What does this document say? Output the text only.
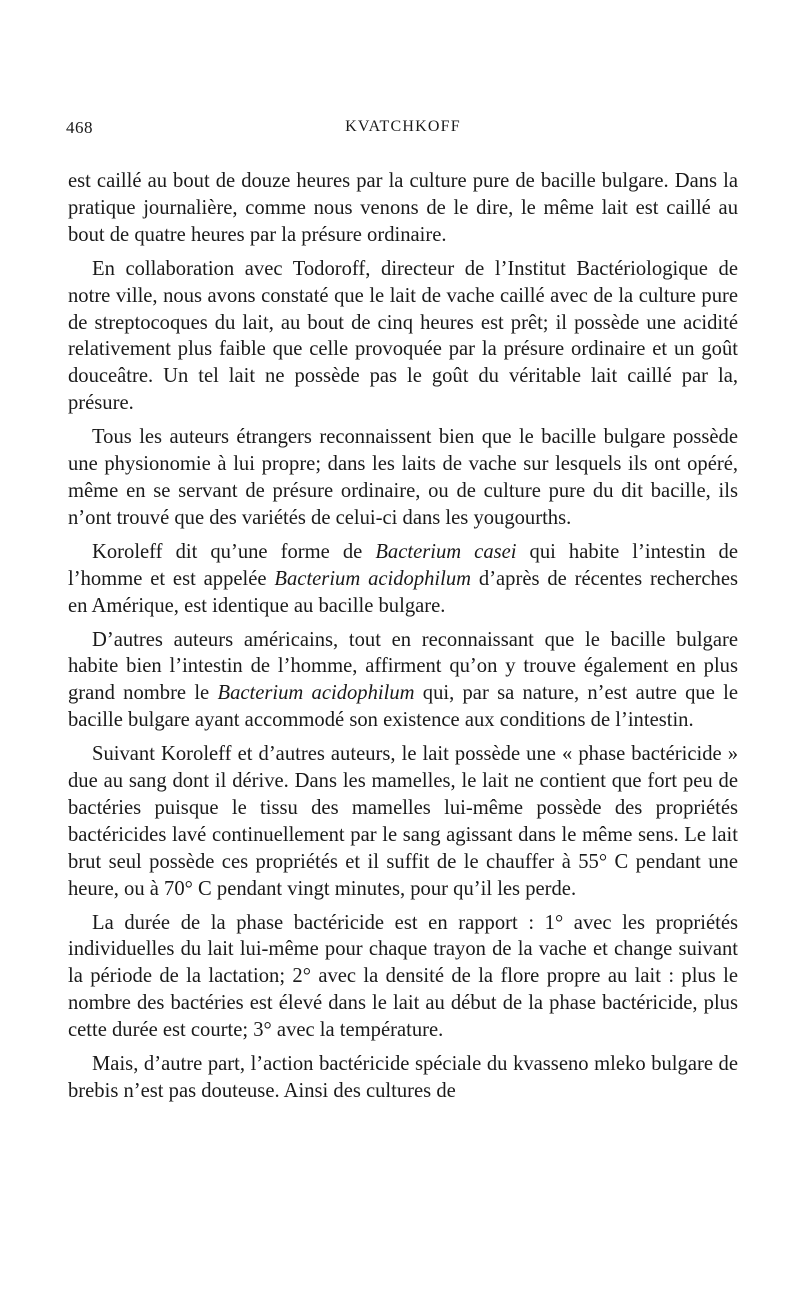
468	KVATCHKOFF

est caillé au bout de douze heures par la culture pure de bacille bulgare. Dans la pratique journalière, comme nous venons de le dire, le même lait est caillé au bout de quatre heures par la présure ordinaire.

En collaboration avec Todoroff, directeur de l’Institut Bactériologique de notre ville, nous avons constaté que le lait de vache caillé avec de la culture pure de streptocoques du lait, au bout de cinq heures est prêt; il possède une acidité relativement plus faible que celle provoquée par la présure ordinaire et un goût douceâtre. Un tel lait ne possède pas le goût du véritable lait caillé par la, présure.

Tous les auteurs étrangers reconnaissent bien que le bacille bulgare possède une physionomie à lui propre; dans les laits de vache sur lesquels ils ont opéré, même en se servant de présure ordinaire, ou de culture pure du dit bacille, ils n’ont trouvé que des variétés de celui-ci dans les yougourths.

Koroleff dit qu’une forme de Bacterium casei qui habite l’intestin de l’homme et est appelée Bacterium acidophilum d’après de récentes recherches en Amérique, est identique au bacille bulgare.

D’autres auteurs américains, tout en reconnaissant que le bacille bulgare habite bien l’intestin de l’homme, affirment qu’on y trouve également en plus grand nombre le Bacterium acidophilum qui, par sa nature, n’est autre que le bacille bulgare ayant accommodé son existence aux conditions de l’intestin.

Suivant Koroleff et d’autres auteurs, le lait possède une « phase bactéricide » due au sang dont il dérive. Dans les mamelles, le lait ne contient que fort peu de bactéries puisque le tissu des mamelles lui-même possède des propriétés bactéricides lavé continuellement par le sang agissant dans le même sens. Le lait brut seul possède ces propriétés et il suffit de le chauffer à 55° C pendant une heure, ou à 70° C pendant vingt minutes, pour qu’il les perde.

La durée de la phase bactéricide est en rapport : 1° avec les propriétés individuelles du lait lui-même pour chaque trayon de la vache et change suivant la période de la lactation; 2° avec la densité de la flore propre au lait : plus le nombre des bactéries est élevé dans le lait au début de la phase bactéricide, plus cette durée est courte; 3° avec la température.

Mais, d’autre part, l’action bactéricide spéciale du kvasseno mleko bulgare de brebis n’est pas douteuse. Ainsi des cultures de
